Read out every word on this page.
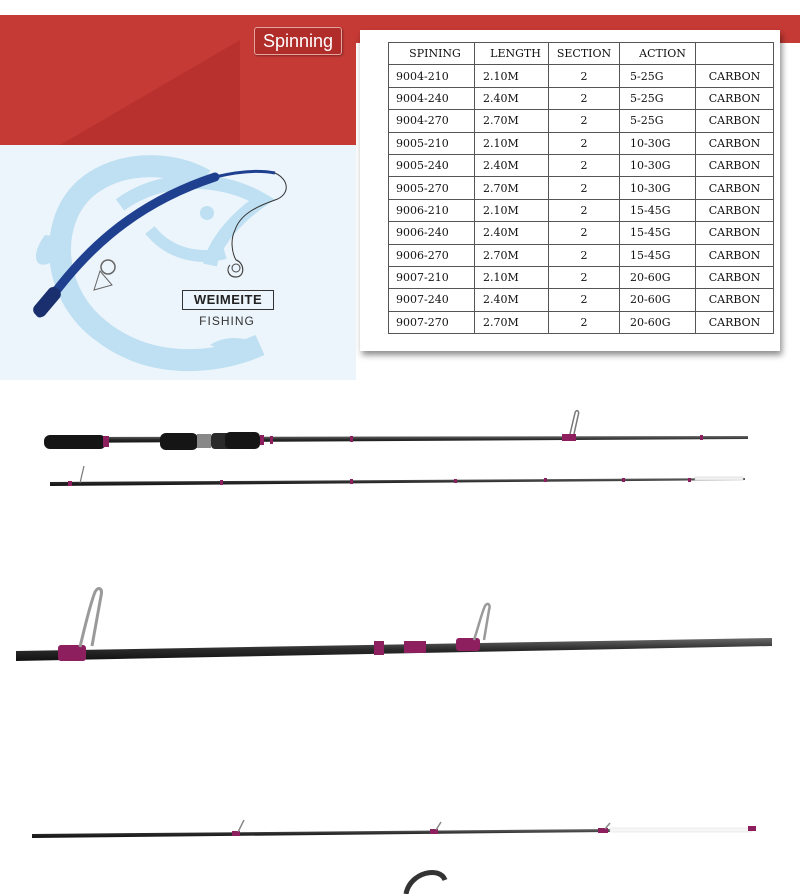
Spinning
WEIMEITE
FISHING
SPINING	LENGTH	SECTION	ACTION	
9004-210	2.10M	2	5-25G	CARBON
9004-240	2.40M	2	5-25G	CARBON
9004-270	2.70M	2	5-25G	CARBON
9005-210	2.10M	2	10-30G	CARBON
9005-240	2.40M	2	10-30G	CARBON
9005-270	2.70M	2	10-30G	CARBON
9006-210	2.10M	2	15-45G	CARBON
9006-240	2.40M	2	15-45G	CARBON
9006-270	2.70M	2	15-45G	CARBON
9007-210	2.10M	2	20-60G	CARBON
9007-240	2.40M	2	20-60G	CARBON
9007-270	2.70M	2	20-60G	CARBON
